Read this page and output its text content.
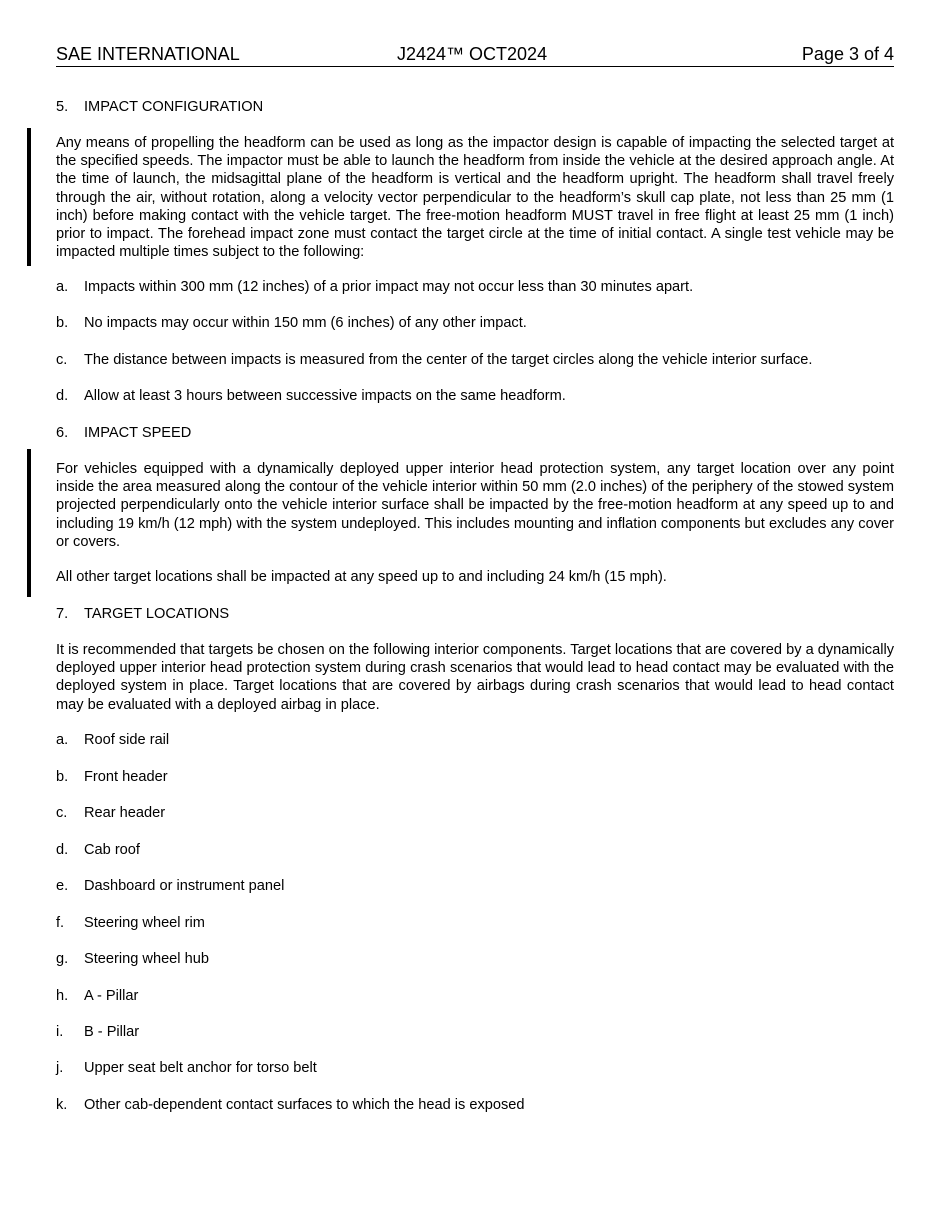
SAE INTERNATIONAL	J2424™ OCT2024	Page 3 of 4
5. IMPACT CONFIGURATION

Any means of propelling the headform can be used as long as the impactor design is capable of impacting the selected target at the specified speeds. The impactor must be able to launch the headform from inside the vehicle at the desired approach angle. At the time of launch, the midsagittal plane of the headform is vertical and the headform upright. The headform shall travel freely through the air, without rotation, along a velocity vector perpendicular to the headform’s skull cap plate, not less than 25 mm (1 inch) before making contact with the vehicle target. The free-motion headform MUST travel in free flight at least 25 mm (1 inch) prior to impact. The forehead impact zone must contact the target circle at the time of initial contact. A single test vehicle may be impacted multiple times subject to the following:

a. Impacts within 300 mm (12 inches) of a prior impact may not occur less than 30 minutes apart.
b. No impacts may occur within 150 mm (6 inches) of any other impact.
c. The distance between impacts is measured from the center of the target circles along the vehicle interior surface.
d. Allow at least 3 hours between successive impacts on the same headform.
6. IMPACT SPEED

For vehicles equipped with a dynamically deployed upper interior head protection system, any target location over any point inside the area measured along the contour of the vehicle interior within 50 mm (2.0 inches) of the periphery of the stowed system projected perpendicularly onto the vehicle interior surface shall be impacted by the free-motion headform at any speed up to and including 19 km/h (12 mph) with the system undeployed. This includes mounting and inflation components but excludes any cover or covers.

All other target locations shall be impacted at any speed up to and including 24 km/h (15 mph).

7. TARGET LOCATIONS

It is recommended that targets be chosen on the following interior components. Target locations that are covered by a dynamically deployed upper interior head protection system during crash scenarios that would lead to head contact may be evaluated with the deployed system in place. Target locations that are covered by airbags during crash scenarios that would lead to head contact may be evaluated with a deployed airbag in place.

a. Roof side rail
b. Front header
c. Rear header
d. Cab roof
e. Dashboard or instrument panel
f. Steering wheel rim
g. Steering wheel hub
h. A - Pillar
i. B - Pillar
j. Upper seat belt anchor for torso belt
k. Other cab-dependent contact surfaces to which the head is exposed
